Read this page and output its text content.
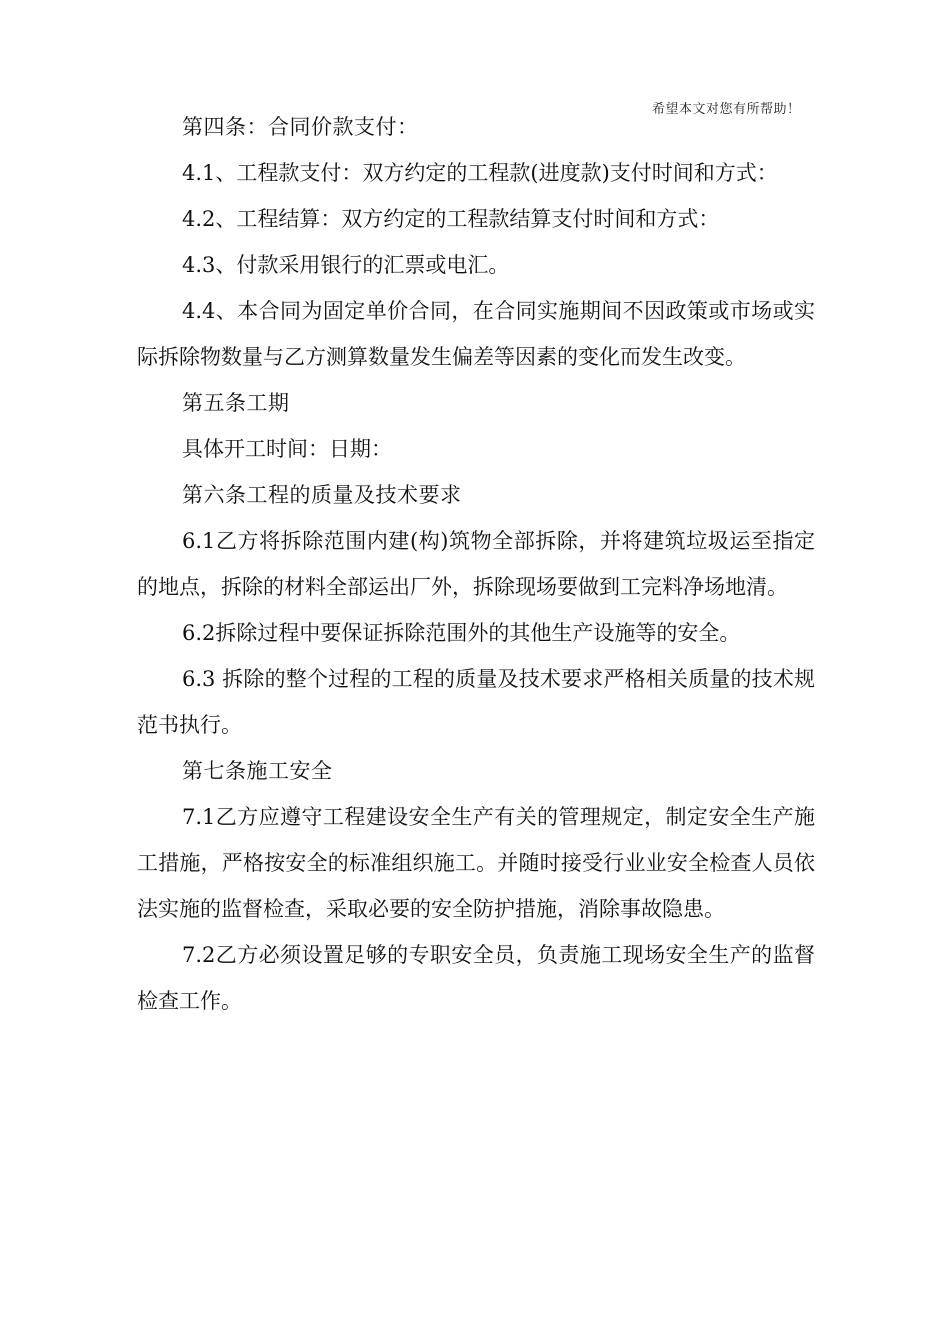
希望本文对您有所帮助！

第四条：合同价款支付：

4.1、工程款支付：双方约定的工程款(进度款)支付时间和方式：

4.2、工程结算：双方约定的工程款结算支付时间和方式：

4.3、付款采用银行的汇票或电汇。

4.4、本合同为固定单价合同，在合同实施期间不因政策或市场或实际拆除物数量与乙方测算数量发生偏差等因素的变化而发生改变。

第五条工期

具体开工时间：日期：

第六条工程的质量及技术要求

6.1乙方将拆除范围内建(构)筑物全部拆除，并将建筑垃圾运至指定的地点，拆除的材料全部运出厂外，拆除现场要做到工完料净场地清。

6.2拆除过程中要保证拆除范围外的其他生产设施等的安全。

6.3 拆除的整个过程的工程的质量及技术要求严格相关质量的技术规范书执行。

第七条施工安全

7.1乙方应遵守工程建设安全生产有关的管理规定，制定安全生产施工措施，严格按安全的标准组织施工。并随时接受行业业安全检查人员依法实施的监督检查，采取必要的安全防护措施，消除事故隐患。

7.2乙方必须设置足够的专职安全员，负责施工现场安全生产的监督检查工作。
